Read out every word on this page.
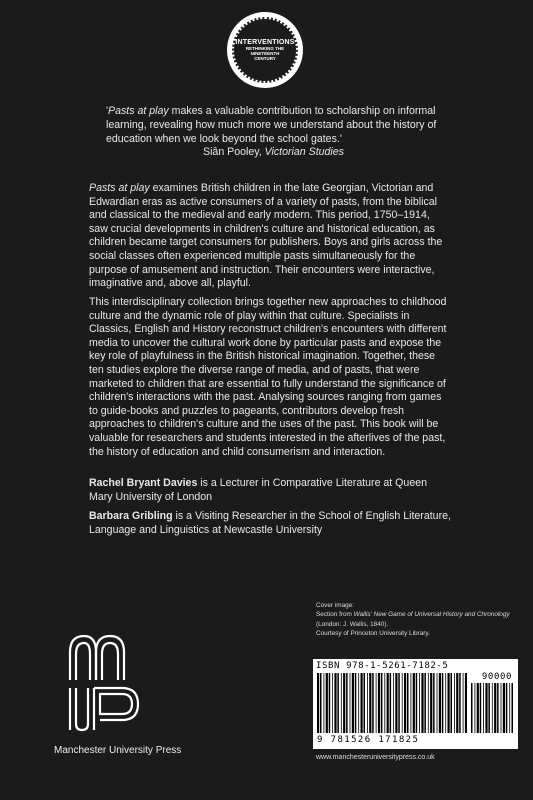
INTERVENTIONS
RETHINKING THE NINETEENTH CENTURY
'Pasts at play makes a valuable contribution to scholarship on informal learning, revealing how much more we understand about the history of education when we look beyond the school gates.'
Siân Pooley, Victorian Studies

Pasts at play examines British children in the late Georgian, Victorian and Edwardian eras as active consumers of a variety of pasts, from the biblical and classical to the medieval and early modern. This period, 1750–1914, saw crucial developments in children's culture and historical education, as children became target consumers for publishers. Boys and girls across the social classes often experienced multiple pasts simultaneously for the purpose of amusement and instruction. Their encounters were interactive, imaginative and, above all, playful.

This interdisciplinary collection brings together new approaches to childhood culture and the dynamic role of play within that culture. Specialists in Classics, English and History reconstruct children's encounters with different media to uncover the cultural work done by particular pasts and expose the key role of playfulness in the British historical imagination. Together, these ten studies explore the diverse range of media, and of pasts, that were marketed to children that are essential to fully understand the significance of children's interactions with the past. Analysing sources ranging from games to guide-books and puzzles to pageants, contributors develop fresh approaches to children's culture and the uses of the past. This book will be valuable for researchers and students interested in the afterlives of the past, the history of education and child consumerism and interaction.

Rachel Bryant Davies is a Lecturer in Comparative Literature at Queen Mary University of London

Barbara Gribling is a Visiting Researcher in the School of English Literature, Language and Linguistics at Newcastle University

Cover image:
Section from Wallis' New Game of Universal History and Chronology (London: J. Wallis, 1840).
Courtesy of Princeton University Library.
Manchester University Press
ISBN 978-1-5261-7182-5
90000
9 781526 171825
www.manchesteruniversitypress.co.uk
